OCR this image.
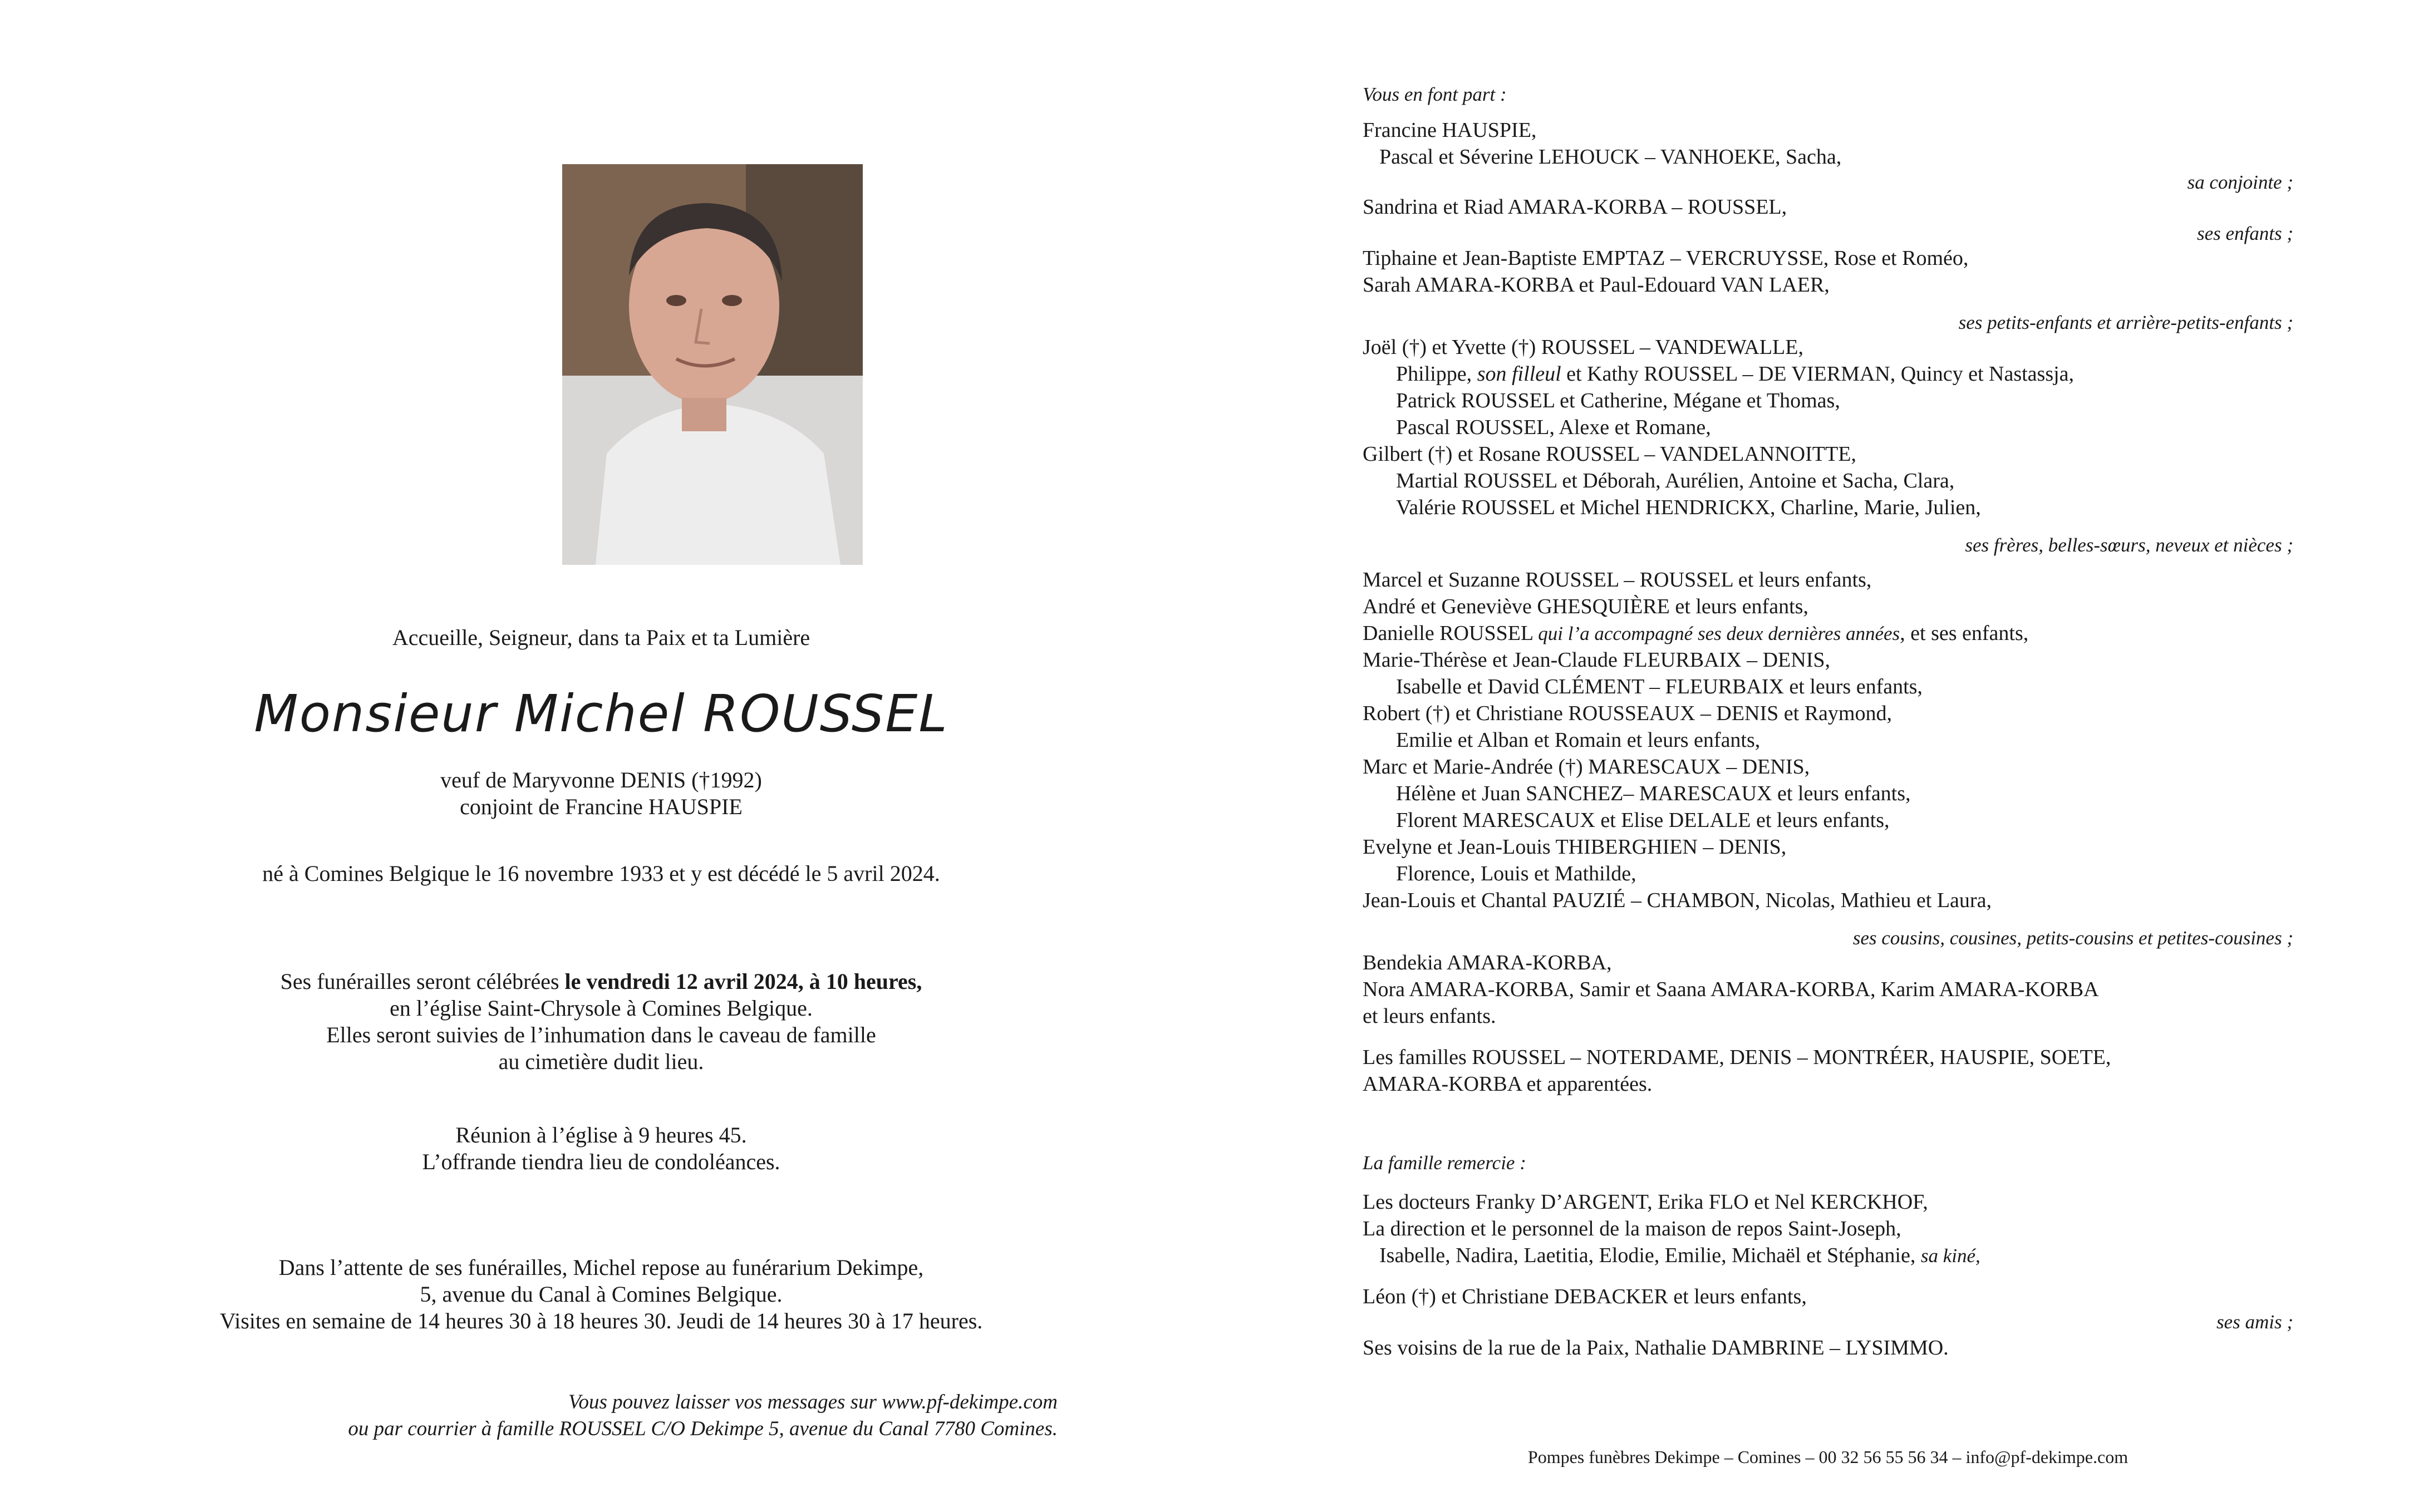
Accueille, Seigneur, dans ta Paix et ta Lumière
Monsieur Michel ROUSSEL
veuf de Maryvonne DENIS (†1992)
conjoint de Francine HAUSPIE
né à Comines Belgique le 16 novembre 1933 et y est décédé le 5 avril 2024.
Ses funérailles seront célébrées le vendredi 12 avril 2024, à 10 heures,
en l’église Saint-Chrysole à Comines Belgique.
Elles seront suivies de l’inhumation dans le caveau de famille
au cimetière dudit lieu.
Réunion à l’église à 9 heures 45.
L’offrande tiendra lieu de condoléances.
Dans l’attente de ses funérailles, Michel repose au funérarium Dekimpe,
5, avenue du Canal à Comines Belgique.
Visites en semaine de 14 heures 30 à 18 heures 30. Jeudi de 14 heures 30 à 17 heures.
Vous pouvez laisser vos messages sur www.pf-dekimpe.com
ou par courrier à famille ROUSSEL C/O Dekimpe 5, avenue du Canal 7780 Comines.
Vous en font part :
Francine HAUSPIE,
Pascal et Séverine LEHOUCK – VANHOEKE, Sacha,
sa conjointe ;
Sandrina et Riad AMARA-KORBA – ROUSSEL,
ses enfants ;
Tiphaine et Jean-Baptiste EMPTAZ – VERCRUYSSE, Rose et Roméo,
Sarah AMARA-KORBA et Paul-Edouard VAN LAER,
ses petits-enfants et arrière-petits-enfants ;
Joël (†) et Yvette (†) ROUSSEL – VANDEWALLE,
Philippe, son filleul et Kathy ROUSSEL – DE VIERMAN, Quincy et Nastassja,
Patrick ROUSSEL et Catherine, Mégane et Thomas,
Pascal ROUSSEL, Alexe et Romane,
Gilbert (†) et Rosane ROUSSEL – VANDELANNOITTE,
Martial ROUSSEL et Déborah, Aurélien, Antoine et Sacha, Clara,
Valérie ROUSSEL et Michel HENDRICKX, Charline, Marie, Julien,
ses frères, belles-sœurs, neveux et nièces ;
Marcel et Suzanne ROUSSEL – ROUSSEL et leurs enfants,
André et Geneviève GHESQUIÈRE et leurs enfants,
Danielle ROUSSEL qui l’a accompagné ses deux dernières années, et ses enfants,
Marie-Thérèse et Jean-Claude FLEURBAIX – DENIS,
Isabelle et David CLÉMENT – FLEURBAIX et leurs enfants,
Robert (†) et Christiane ROUSSEAUX – DENIS et Raymond,
Emilie et Alban et Romain et leurs enfants,
Marc et Marie-Andrée (†) MARESCAUX – DENIS,
Hélène et Juan SANCHEZ– MARESCAUX et leurs enfants,
Florent MARESCAUX et Elise DELALE et leurs enfants,
Evelyne et Jean-Louis THIBERGHIEN – DENIS,
Florence, Louis et Mathilde,
Jean-Louis et Chantal PAUZIÉ – CHAMBON, Nicolas, Mathieu et Laura,
ses cousins, cousines, petits-cousins et petites-cousines ;
Bendekia AMARA-KORBA,
Nora AMARA-KORBA, Samir et Saana AMARA-KORBA, Karim AMARA-KORBA
et leurs enfants.
Les familles ROUSSEL – NOTERDAME, DENIS – MONTRÉER, HAUSPIE, SOETE,
AMARA-KORBA et apparentées.
La famille remercie :
Les docteurs Franky D’ARGENT, Erika FLO et Nel KERCKHOF,
La direction et le personnel de la maison de repos Saint-Joseph,
Isabelle, Nadira, Laetitia, Elodie, Emilie, Michaël et Stéphanie, sa kiné,
Léon (†) et Christiane DEBACKER et leurs enfants,
ses amis ;
Ses voisins de la rue de la Paix, Nathalie DAMBRINE – LYSIMMO.
Pompes funèbres Dekimpe – Comines – 00 32 56 55 56 34 – info@pf-dekimpe.com
